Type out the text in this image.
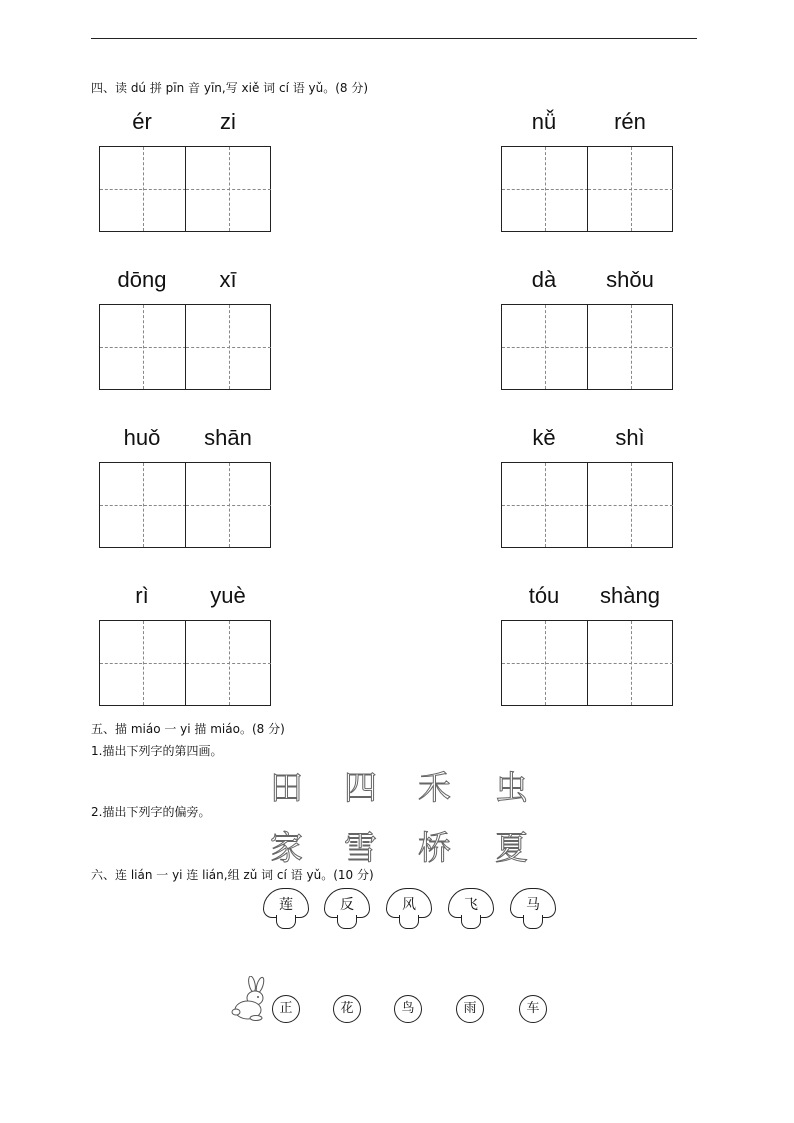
四、读 dú 拼 pīn 音 yīn,写 xiě 词 cí 语 yǔ。(8 分)
ér	zi	nǚ	rén
dōng	xī	dà	shǒu
huǒ	shān	kě	shì
rì	yuè	tóu	shàng
五、描 miáo 一 yi 描 miáo。(8 分)
1.描出下列字的第四画。
田 四 禾 虫
2.描出下列字的偏旁。
家 雪 桥 夏
六、连 lián 一 yi 连 lián,组 zǔ 词 cí 语 yǔ。(10 分)
莲	反	风	飞	马
正	花	鸟	雨	车
